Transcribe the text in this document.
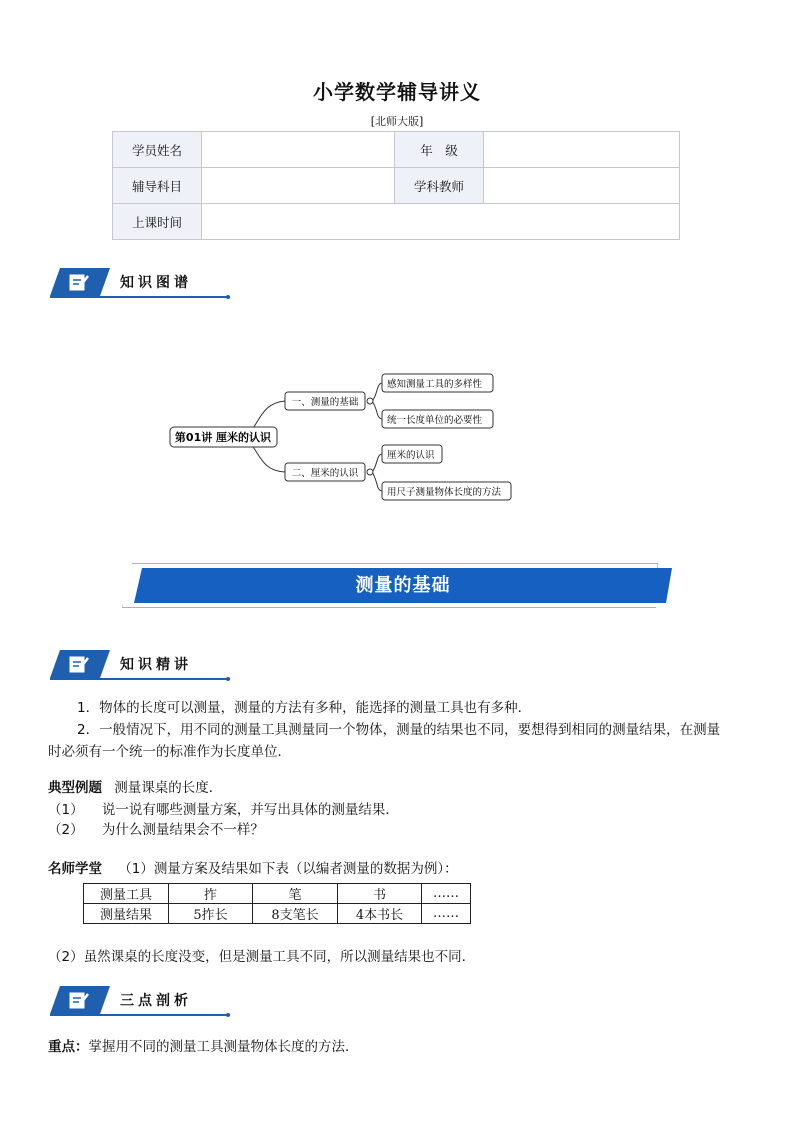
小学数学辅导讲义
[北师大版]
学员姓名		年　级	
辅导科目		学科教师	
上课时间			
知识图谱
第01讲 厘米的认识
一、测量的基础
二、厘米的认识
感知测量工具的多样性
统一长度单位的必要性
厘米的认识
用尺子测量物体长度的方法
测量的基础
知识精讲
1．物体的长度可以测量，测量的方法有多种，能选择的测量工具也有多种．
2．一般情况下，用不同的测量工具测量同一个物体，测量的结果也不同，要想得到相同的测量结果，在测量
时必须有一个统一的标准作为长度单位．
典型例题 测量课桌的长度．
（1） 说一说有哪些测量方案，并写出具体的测量结果．
（2） 为什么测量结果会不一样？
名师学堂 （1）测量方案及结果如下表（以编者测量的数据为例）：
测量工具	拃	笔	书	……
测量结果	5拃长	8支笔长	4本书长	……
（2）虽然课桌的长度没变，但是测量工具不同，所以测量结果也不同．
三点剖析
重点：掌握用不同的测量工具测量物体长度的方法．
